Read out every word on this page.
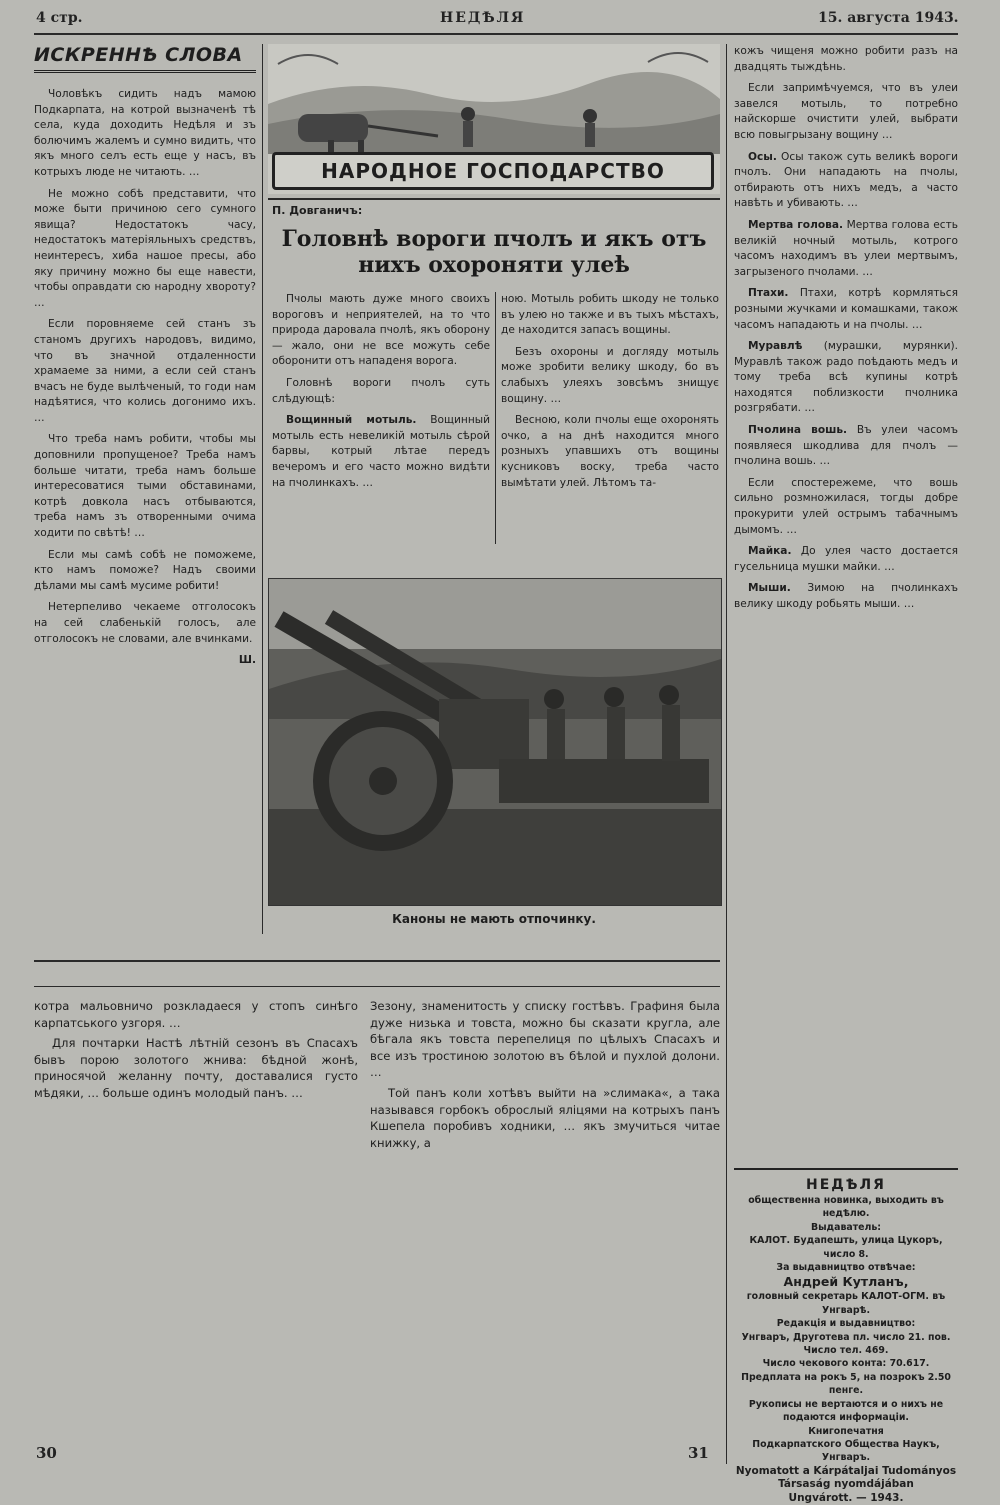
4 стр.	НЕДѢЛЯ	15. августа 1943.
ИСКРЕННѢ СЛОВА

Чоловѣкъ сидить надъ мамою Подкарпата, на котрой вызначенѣ тѣ села, куда доходить Недѣля и зъ болючимъ жалемъ и сумно видить, что якъ много селъ есть еще у насъ, въ котрыхъ люде не читають. …

Не можно собѣ представити, что може быти причиною сего сумного явища? Недостатокъ часу, недостатокъ матеріяльныхъ средствъ, неинтересъ, хиба нашое пресы, або яку причину можно бы еще навести, чтобы оправдати сю народну хвороту? …

Если поровняеме сей станъ зъ станомъ другихъ народовъ, видимо, что въ значной отдаленности храмаеме за ними, а если сей станъ вчасъ не буде вылѣченый, то годи нам надѣятися, что колись догонимо ихъ. …

Что треба намъ робити, чтобы мы доповнили пропущеное? Треба намъ больше читати, треба намъ больше интересоватися тыми обставинами, котрѣ довкола насъ отбываются, треба намъ зъ отворенными очима ходити по свѣтѣ! …

Если мы самѣ собѣ не поможеме, кто намъ поможе? Надъ своими дѣлами мы самѣ мусиме робити!

Нетерпеливо чекаеме отголосокъ на сей слабенькій голосъ, але отголосокъ не словами, але вчинками.

Ш.

НАРОДНОЕ ГОСПОДАРСТВО
П. Довганичъ:
Головнѣ вороги пчолъ и якъ отъ
нихъ охороняти улеѣ

Пчолы мають дуже много своихъ вороговъ и неприятелей, на то что природа даровала пчолѣ, якъ оборону — жало, они не все можуть себе оборонити отъ нападеня ворога.

Головнѣ вороги пчолъ суть слѣдующѣ:

Вощинный мотыль. Вощинный мотыль есть невеликій мотыль сѣрой барвы, котрый лѣтае передъ вечеромъ и его часто можно видѣти на пчолинкахъ. …

ною. Мотыль робить шкоду не только въ улею но также и въ тыхъ мѣстахъ, де находится запасъ вощины.

Безъ охороны и догляду мотыль може зробити велику шкоду, бо въ слабыхъ улеяхъ зовсѣмъ знищує вощину. …

Весною, коли пчолы еще охоронять очко, а на днѣ находится много розныхъ упавшихъ отъ вощины кусниковъ воску, треба часто вымѣтати улей. Лѣтомъ та-

Каноны не мають отпочинку.

кожъ чищеня можно робити разъ на двадцять тыждѣнь.

Если запримѣчуемся, что въ улеи завелся мотыль, то потребно найскорше очистити улей, выбрати всю повыгрызану вощину …

Осы. Осы також суть великѣ вороги пчолъ. Они нападають на пчолы, отбирають отъ нихъ медъ, а часто навѣть и убивають. …

Мертва голова. Мертва голова есть великій ночный мотыль, котрого часомъ находимъ въ улеи мертвымъ, загрызеного пчолами. …

Птахи. Птахи, котрѣ кормляться розными жучками и комашками, також часомъ нападають и на пчолы. …

Муравлѣ (мурашки, мурянки). Муравлѣ також радо поѣдають медъ и тому треба всѣ купины котрѣ находятся поблизкости пчолника розгрябати. …

Пчолина вошь. Въ улеи часомъ появляеся шкодлива для пчолъ — пчолина вошь. …

Если спостережеме, что вошь сильно розмножилася, тогды добре прокурити улей острымъ табачнымъ дымомъ. …

Майка. До улея часто достается гусельница мушки майки. …

Мыши. Зимою на пчолинкахъ велику шкоду робьять мыши. …

НЕДѢЛЯ

общественна новинка, выходить въ недѣлю.

Выдаватель:

КАЛОТ. Будапешть, улица Цукоръ, число 8.

За выдавництво отвѣчае:

Андрей Кутланъ,

головный секретарь КАЛОТ-ОГМ. въ Унгварѣ.

Редакція и выдавництво:

Унгваръ, Друготева пл. число 21. пов.

Число тел. 469.

Число чекового конта: 70.617.

Предплата на рокъ 5, на позрокъ 2.50 пенге.

Рукописы не вертаются и о нихъ не подаются информаціи.

Книгопечатня

Подкарпатского Общества Наукъ, Унгваръ.

Nyomatott a Kárpátaljai Tudományos

Társaság nyomdájában

Ungvárott. — 1943.

котра мальовничо розкладаеся у стопъ синѣго карпатського узгоря. …

Для почтарки Настѣ лѣтній сезонъ въ Спасахъ бывъ порою золотого жнива: бѣдной жонѣ, приносячой желанну почту, доставалися густо мѣдяки, … больше одинъ молодый панъ. …

Зезону, знаменитость у списку гостѣвъ. Графиня была дуже низька и товста, можно бы сказати кругла, але бѣгала якъ товста перепелиця по цѣлыхъ Спасахъ и все изъ тростиною золотою въ бѣлой и пухлой долони. …

Той панъ коли хотѣвъ выйти на »слимака«, а така назывався горбокъ оброслый яліцями на котрыхъ панъ Кшепела поробивъ ходники, … якъ змучиться читае книжку, а

30	31
